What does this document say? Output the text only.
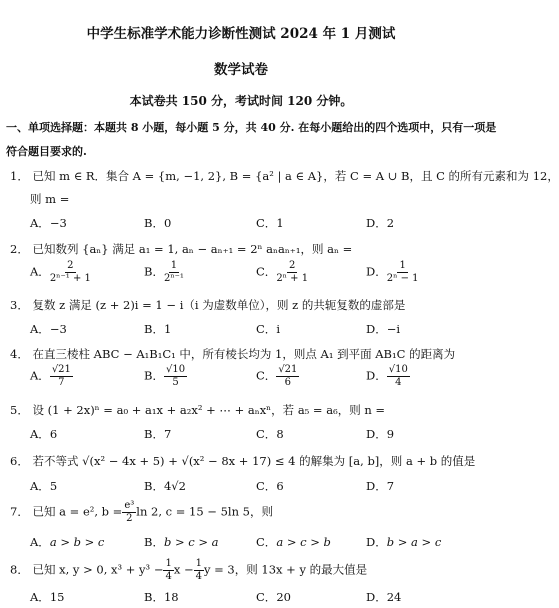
中学生标准学术能力诊断性测试 2024 年 1 月测试
数学试卷
本试卷共 150 分，考试时间 120 分钟。
一、单项选择题：本题共 8 小题，每小题 5 分，共 40 分. 在每小题给出的四个选项中，只有一项是
符合题目要求的.
1． 已知 m ∈ R．集合 A = {m, −1, 2}, B = {a² | a ∈ A}，若 C = A ∪ B，且 C 的所有元素和为 12，
则 m =
A．−3	B．0	C．1	D．2
2． 已知数列 {aₙ} 满足 a₁ = 1, aₙ − aₙ₊₁ = 2ⁿ aₙaₙ₊₁，则 aₙ =
A． $\frac{2}{\text{2ⁿ⁻¹ + 1}}$	B． $\frac{1}{\text{2ⁿ⁻¹}}$	C． $\frac{2}{\text{2ⁿ + 1}}$	D． $\frac{1}{\text{2ⁿ − 1}}$
3． 复数 z 满足 (z + 2)i = 1 − i（i 为虚数单位），则 z 的共轭复数的虚部是
A．−3	B．1	C．i	D．−i
4． 在直三棱柱 ABC − A₁B₁C₁ 中，所有棱长均为 1，则点 A₁ 到平面 AB₁C 的距离为
A． $\frac{√21}{7}$	B． $\frac{√10}{5}$	C． $\frac{√21}{6}$	D． $\frac{√10}{4}$
5． 设 (1 + 2x)ⁿ = a₀ + a₁x + a₂x² + ⋯ + aₙxⁿ，若 a₅ = a₆，则 n =
A．6	B．7	C．8	D．9
6． 若不等式 √(x² − 4x + 5) + √(x² − 8x + 17) ≤ 4 的解集为 [a, b]，则 a + b 的值是
A．5	B．4√2	C．6	D．7
7． 已知 a = e², $b = \frac{\text{e³}}{2}$ ln 2, c = 15 − 5ln 5，则
A．a > b > c	B．b > c > a	C．a > c > b	D．b > a > c
8． 已知 x, y > 0, $x^3 + y^3 - \frac{1}{4}$ $x - \frac{1}{4}$ y = 3，则 13x + y 的最大值是
A．15	B．18	C．20	D．24
